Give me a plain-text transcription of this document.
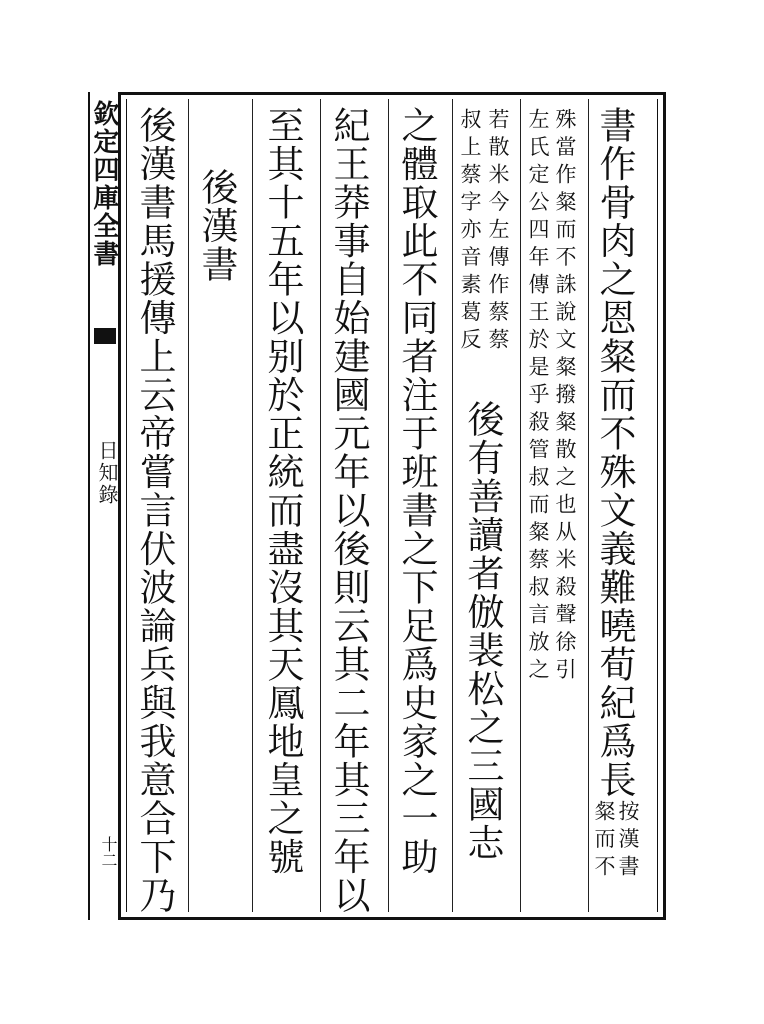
欽定四庫全書
日知錄
十二
書作骨肉之恩粲而不殊文義難曉荀紀爲長
按漢書
粲而不
殊當作粲而不誅說文粲撥粲散之也从米殺聲徐引
左氏定公四年傳王於是乎殺管叔而粲蔡叔言放之
若散米今左傳作蔡蔡
叔上蔡字亦音素葛反
後有善讀者倣裴松之三國志
之體取此不同者注于班書之下足爲史家之一助
紀王莽事自始建國元年以後則云其二年其三年以
至其十五年以别於正統而盡沒其天鳳地皇之號
後漢書
後漢書馬援傳上云帝嘗言伏波論兵與我意合下乃
